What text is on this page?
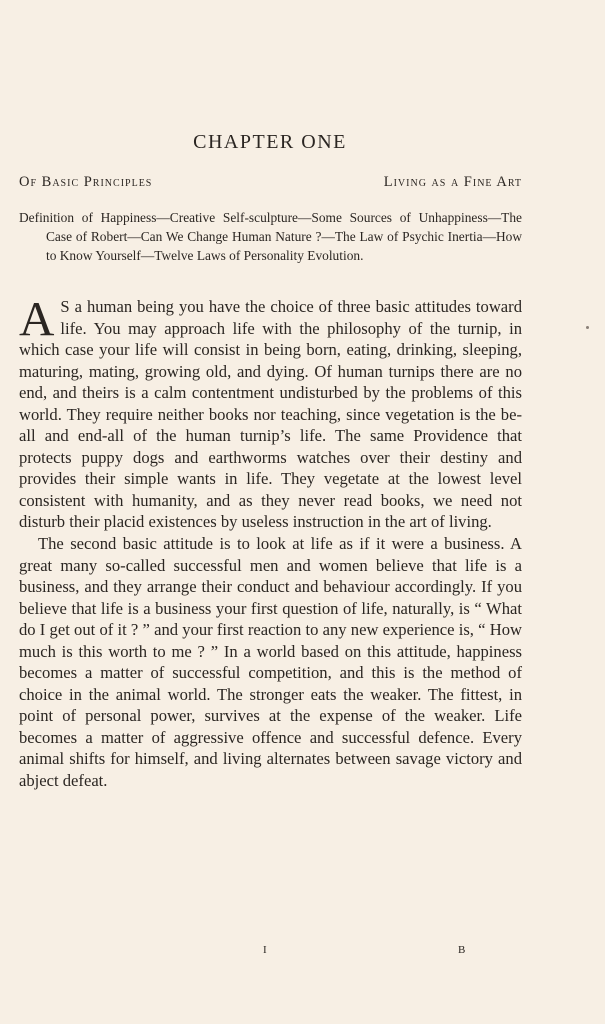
CHAPTER ONE
Of Basic Principles	Living as a Fine Art
Definition of Happiness—Creative Self-sculpture—Some Sources of Unhappiness—The Case of Robert—Can We Change Human Nature ?—The Law of Psychic Inertia—How to Know Yourself—Twelve Laws of Personality Evolution.

A S a human being you have the choice of three basic attitudes toward life. You may approach life with the philosophy of the turnip, in which case your life will consist in being born, eating, drinking, sleeping, maturing, mating, growing old, and dying. Of human turnips there are no end, and theirs is a calm contentment undisturbed by the problems of this world. They require neither books nor teaching, since vegetation is the be-all and end-all of the human turnip’s life. The same Providence that protects puppy dogs and earthworms watches over their destiny and provides their simple wants in life. They vegetate at the lowest level consistent with humanity, and as they never read books, we need not disturb their placid existences by useless instruction in the art of living.

The second basic attitude is to look at life as if it were a business. A great many so-called successful men and women believe that life is a business, and they arrange their conduct and behaviour accordingly. If you believe that life is a business your first question of life, naturally, is “ What do I get out of it ? ” and your first reaction to any new experience is, “ How much is this worth to me ? ” In a world based on this attitude, happiness becomes a matter of successful competition, and this is the method of choice in the animal world. The stronger eats the weaker. The fittest, in point of personal power, survives at the expense of the weaker. Life becomes a matter of aggressive offence and successful defence. Every animal shifts for himself, and living alternates between savage victory and abject defeat.

I	B
